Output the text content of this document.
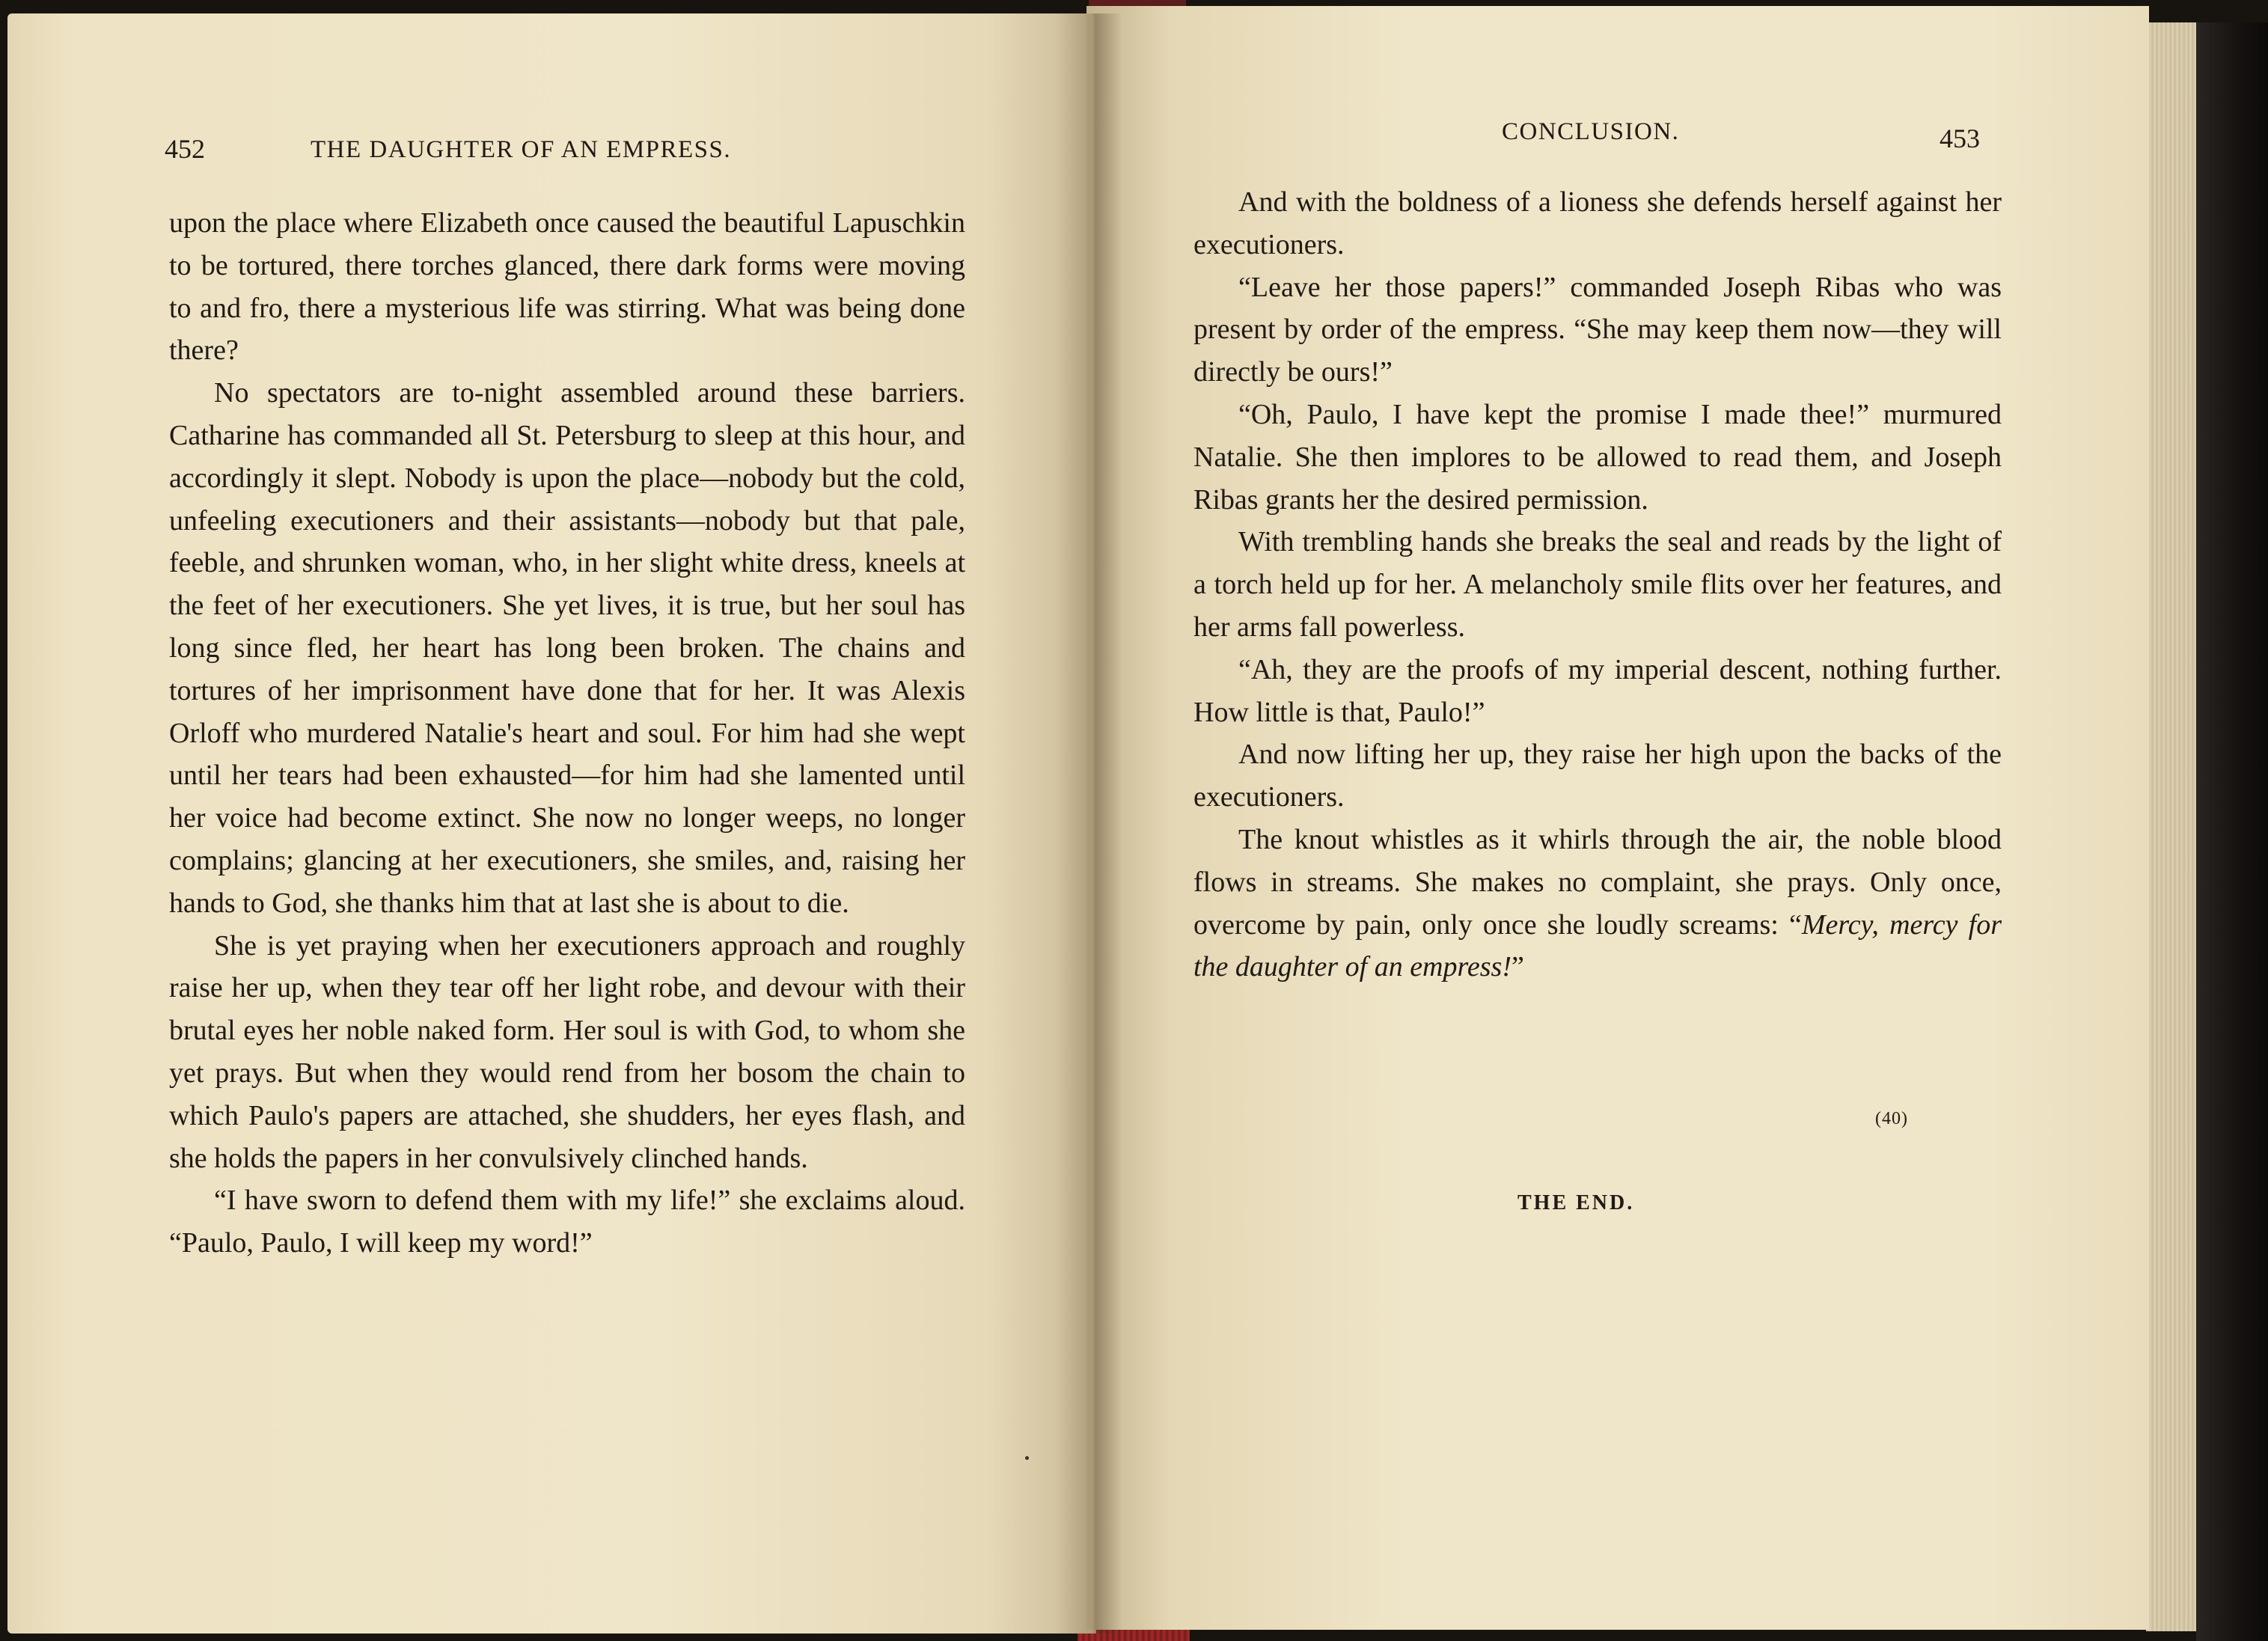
452	THE DAUGHTER OF AN EMPRESS.

upon the place where Elizabeth once caused the beautiful Lapuschkin to be tortured, there torches glanced, there dark forms were moving to and fro, there a mysterious life was stirring. What was being done there?

No spectators are to-night assembled around these barriers. Catharine has commanded all St. Petersburg to sleep at this hour, and accordingly it slept. Nobody is upon the place—nobody but the cold, unfeeling executioners and their assistants—nobody but that pale, feeble, and shrunken woman, who, in her slight white dress, kneels at the feet of her executioners. She yet lives, it is true, but her soul has long since fled, her heart has long been broken. The chains and tortures of her imprisonment have done that for her. It was Alexis Orloff who murdered Natalie's heart and soul. For him had she wept until her tears had been exhausted—for him had she lamented until her voice had become extinct. She now no longer weeps, no longer complains; glancing at her executioners, she smiles, and, raising her hands to God, she thanks him that at last she is about to die.

She is yet praying when her executioners approach and roughly raise her up, when they tear off her light robe, and devour with their brutal eyes her noble naked form. Her soul is with God, to whom she yet prays. But when they would rend from her bosom the chain to which Paulo's papers are attached, she shudders, her eyes flash, and she holds the papers in her convulsively clinched hands.

“I have sworn to defend them with my life!” she exclaims aloud. “Paulo, Paulo, I will keep my word!”

CONCLUSION.	453

And with the boldness of a lioness she defends herself against her executioners.

“Leave her those papers!” commanded Joseph Ribas who was present by order of the empress. “She may keep them now—they will directly be ours!”

“Oh, Paulo, I have kept the promise I made thee!” murmured Natalie. She then implores to be allowed to read them, and Joseph Ribas grants her the desired permission.

With trembling hands she breaks the seal and reads by the light of a torch held up for her. A melancholy smile flits over her features, and her arms fall powerless.

“Ah, they are the proofs of my imperial descent, nothing further. How little is that, Paulo!”

And now lifting her up, they raise her high upon the backs of the executioners.

The knout whistles as it whirls through the air, the noble blood flows in streams. She makes no complaint, she prays. Only once, overcome by pain, only once she loudly screams: “Mercy, mercy for the daughter of an empress!”

(40)
THE END.
